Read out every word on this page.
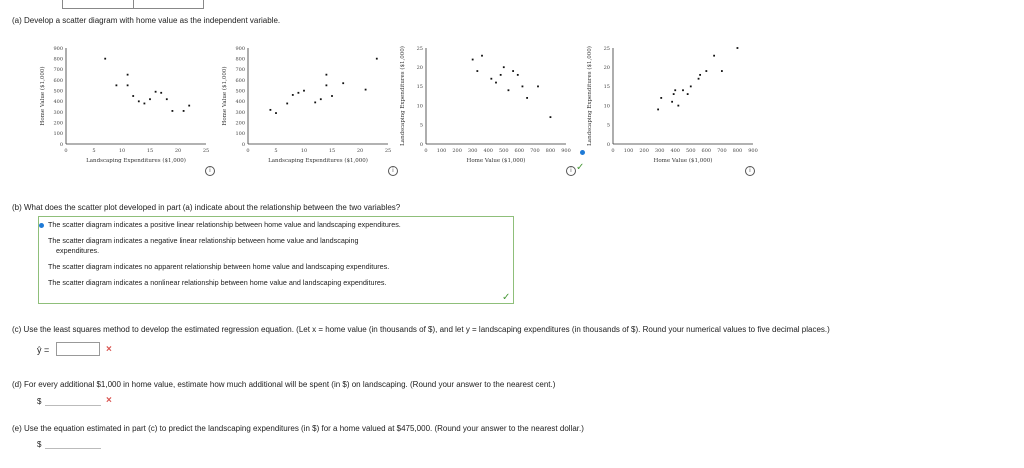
(a) Develop a scatter diagram with home value as the independent variable.
900
800
700
600
500
400
300
200
100
0
0	5	10	15	20	25
Landscaping Expenditures ($1,000)
Home Value ($1,000)
i
900
800
700
600
500
400
300
200
100
0
0	5	10	15	20	25
Landscaping Expenditures ($1,000)
Home Value ($1,000)
i
25
20
15
10
5
0
0 100 200 300 400 500 600 700 800 900
Home Value ($1,000)
Landscaping Expenditures ($1,000)
i ✓
25
20
15
10
5
0
0 100 200 300 400 500 600 700 800 900
Home Value ($1,000)
Landscaping Expenditures ($1,000)
i
(b) What does the scatter plot developed in part (a) indicate about the relationship between the two variables?
The scatter diagram indicates a positive linear relationship between home value and landscaping expenditures.
The scatter diagram indicates a negative linear relationship between home value and landscaping
expenditures.
The scatter diagram indicates no apparent relationship between home value and landscaping expenditures.
The scatter diagram indicates a nonlinear relationship between home value and landscaping expenditures.
✓
(c) Use the least squares method to develop the estimated regression equation. (Let x = home value (in thousands of $), and let y = landscaping expenditures (in thousands of $). Round your numerical values to five decimal places.)
ŷ =	×
(d) For every additional $1,000 in home value, estimate how much additional will be spent (in $) on landscaping. (Round your answer to the nearest cent.)
$	×
(e) Use the equation estimated in part (c) to predict the landscaping expenditures (in $) for a home valued at $475,000. (Round your answer to the nearest dollar.)
$
